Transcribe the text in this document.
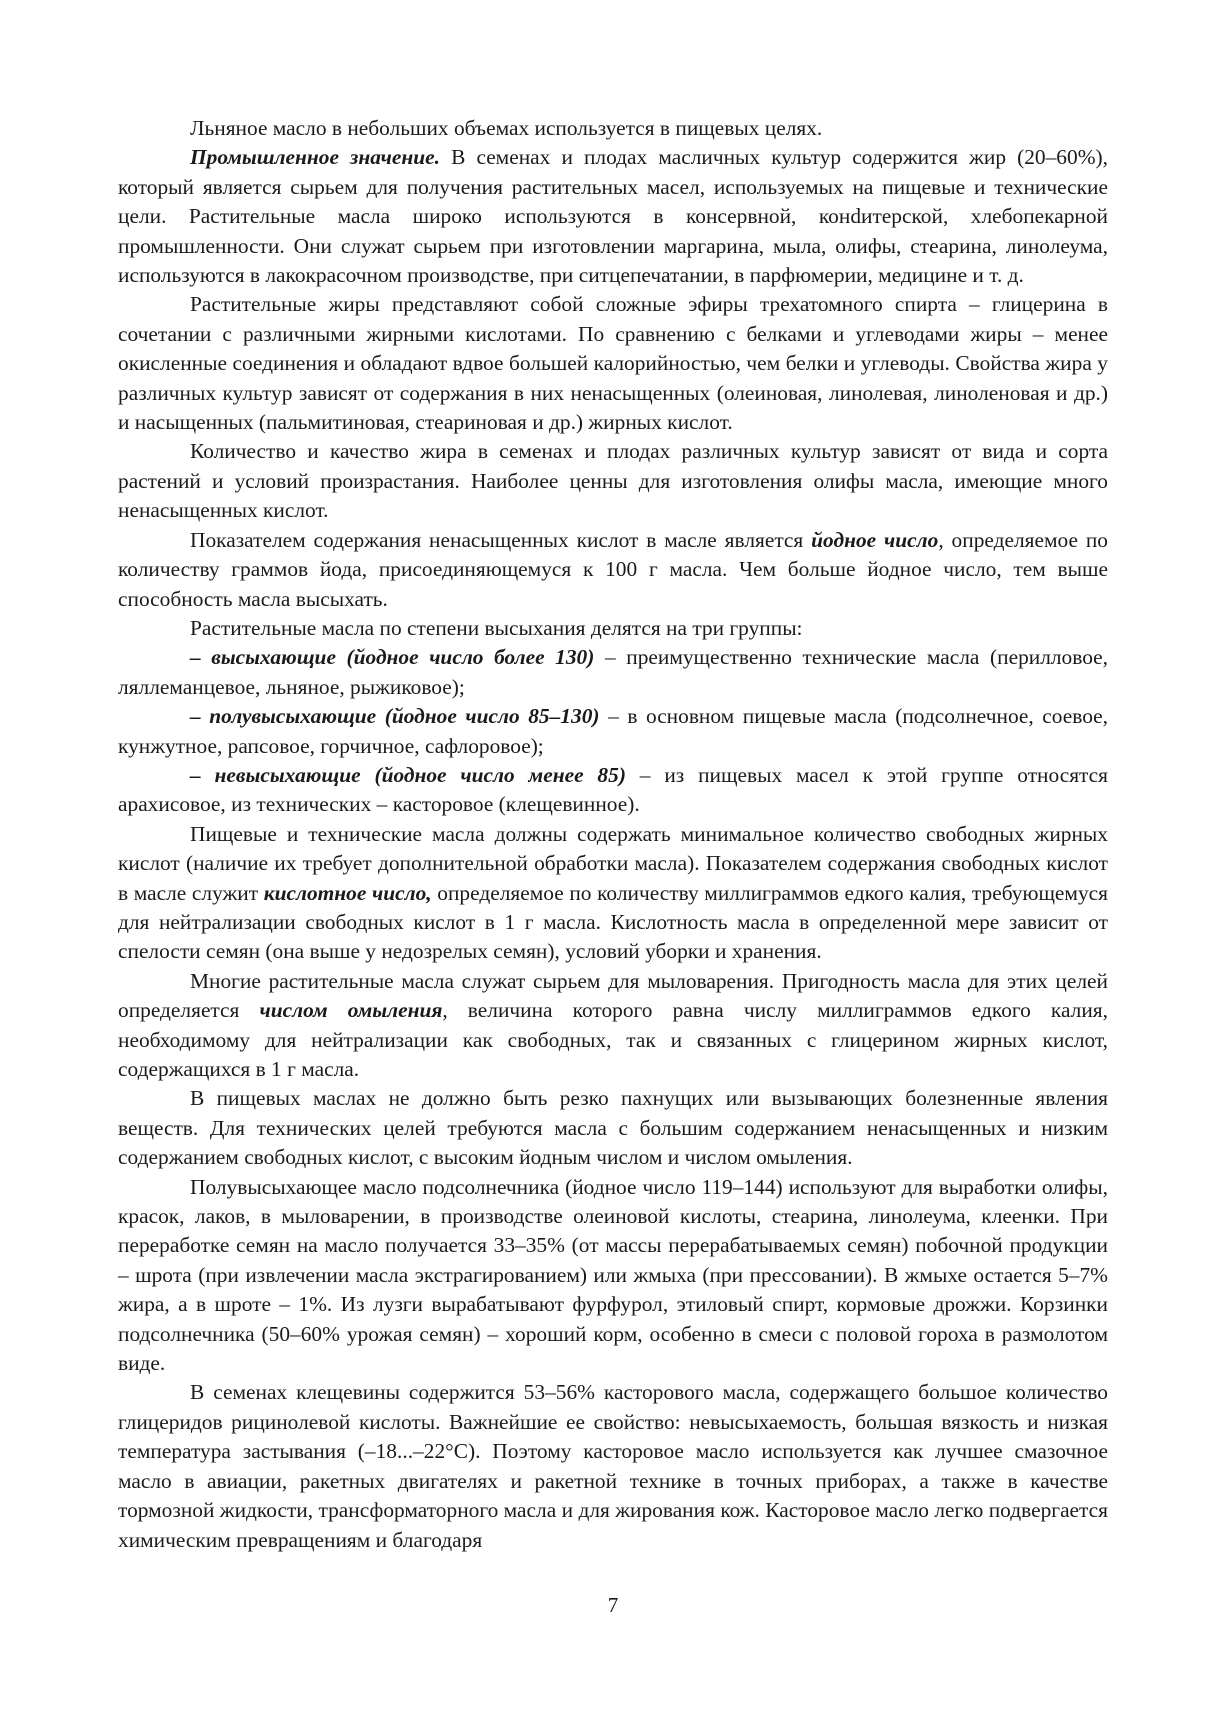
Льняное масло в небольших объемах используется в пищевых целях.

Промышленное значение. В семенах и плодах масличных культур содержится жир (20–60%), который является сырьем для получения растительных масел, используемых на пищевые и технические цели. Растительные масла широко используются в консервной, конdитерской, хлебопекарной промышленности. Они служат сырьем при изготовлении маргарина, мыла, олифы, стеарина, линолеума, используются в лакокрасочном производстве, при ситцепечатании, в парфюмерии, медицине и т. д.

Растительные жиры представляют собой сложные эфиры трехатомного спирта – глицерина в сочетании с различными жирными кислотами. По сравнению с белками и углеводами жиры – менее окисленные соединения и обладают вдвое большей калорийностью, чем белки и углеводы. Свойства жира у различных культур зависят от содержания в них ненасыщенных (олеиновая, линолевая, линоленовая и др.) и насыщенных (пальмитиновая, стеариновая и др.) жирных кислот.

Количество и качество жира в семенах и плодах различных культур зависят от вида и сорта растений и условий произрастания. Наиболее ценны для изготовления олифы масла, имеющие много ненасыщенных кислот.

Показателем содержания ненасыщенных кислот в масле является йодное число, определяемое по количеству граммов йода, присоединяющемуся к 100 г масла. Чем больше йодное число, тем выше способность масла высыхать.

Растительные масла по степени высыхания делятся на три группы:

– высыхающие (йодное число более 130) – преимущественно технические масла (перилловое, ляллеманцевое, льняное, рыжиковое);

– полувысыхающие (йодное число 85–130) – в основном пищевые масла (подсолнечное, соевое, кунжутное, рапсовое, горчичное, сафлоровое);

– невысыхающие (йодное число менее 85) – из пищевых масел к этой группе относятся арахисовое, из технических – касторовое (клещевинное).

Пищевые и технические масла должны содержать минимальное количество свободных жирных кислот (наличие их требует дополнительной обработки масла). Показателем содержания свободных кислот в масле служит кислотное число, определяемое по количеству миллиграммов едкого калия, требующемуся для нейтрализации свободных кислот в 1 г масла. Кислотность масла в определенной мере зависит от спелости семян (она выше у недозрелых семян), условий уборки и хранения.

Многие растительные масла служат сырьем для мыловарения. Пригодность масла для этих целей определяется числом омыления, величина которого равна числу миллиграммов едкого калия, необходимому для нейтрализации как свободных, так и связанных с глицерином жирных кислот, содержащихся в 1 г масла.

В пищевых маслах не должно быть резко пахнущих или вызывающих болезненные явления веществ. Для технических целей требуются масла с большим содержанием ненасыщенных и низким содержанием свободных кислот, с высоким йодным числом и числом омыления.

Полувысыхающее масло подсолнечника (йодное число 119–144) используют для выработки олифы, красок, лаков, в мыловарении, в производстве олеиновой кислоты, стеарина, линолеума, клеенки. При переработке семян на масло получается 33–35% (от массы перерабатываемых семян) побочной продукции – шрота (при извлечении масла экстрагированием) или жмыха (при прессовании). В жмыхе остается 5–7% жира, а в шроте – 1%. Из лузги вырабатывают фурфурол, этиловый спирт, кормовые дрожжи. Корзинки подсолнечника (50–60% урожая семян) – хороший корм, особенно в смеси с половой гороха в размолотом виде.

В семенах клещевины содержится 53–56% касторового масла, содержащего большое количество глицеридов рицинолевой кислоты. Важнейшие ее свойство: невысыхаемость, большая вязкость и низкая температура застывания (–18...–22°С). Поэтому касторовое масло используется как лучшее смазочное масло в авиации, ракетных двигателях и ракетной технике в точных приборах, а также в качестве тормозной жидкости, трансформаторного масла и для жирования кож. Касторовое масло легко подвергается химическим превращениям и благодаря

7
